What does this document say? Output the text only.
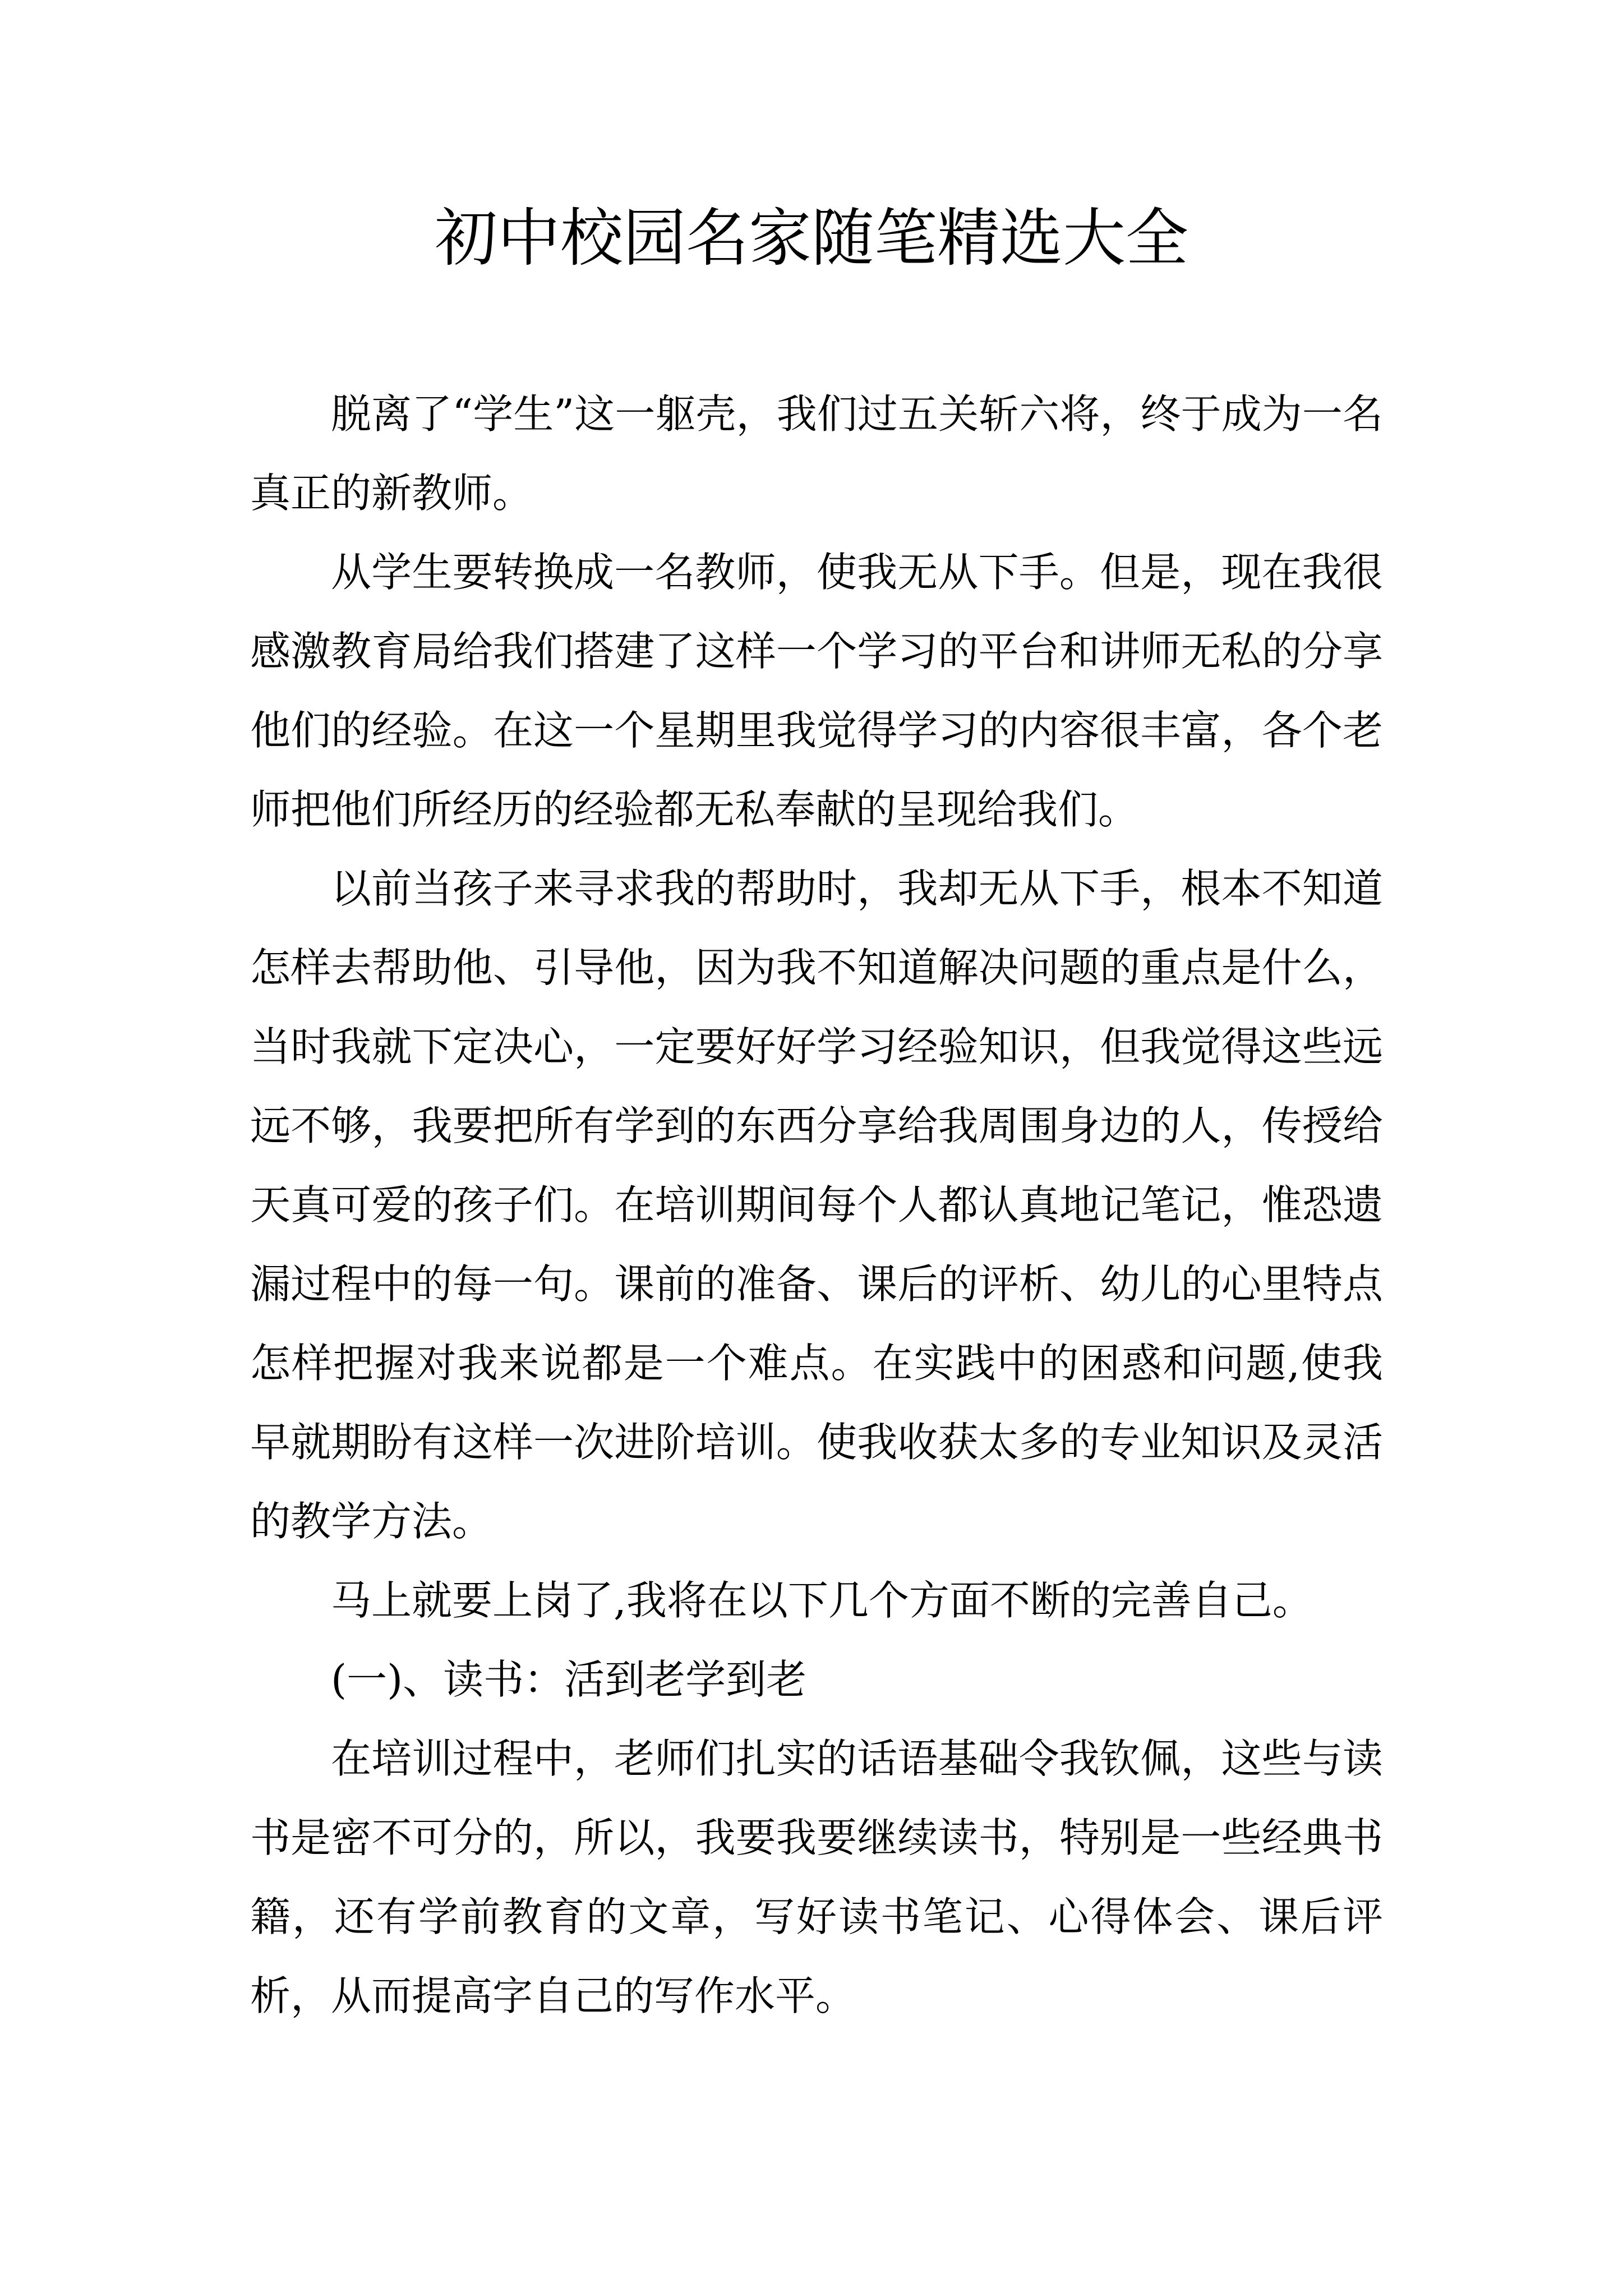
初中校园名家随笔精选大全

脱离了“学生”这一躯壳，我们过五关斩六将，终于成为一名真正的新教师。

从学生要转换成一名教师，使我无从下手。但是，现在我很感激教育局给我们搭建了这样一个学习的平台和讲师无私的分享他们的经验。在这一个星期里我觉得学习的内容很丰富，各个老师把他们所经历的经验都无私奉献的呈现给我们。

以前当孩子来寻求我的帮助时，我却无从下手，根本不知道怎样去帮助他、引导他，因为我不知道解决问题的重点是什么，当时我就下定决心，一定要好好学习经验知识，但我觉得这些远远不够，我要把所有学到的东西分享给我周围身边的人，传授给天真可爱的孩子们。在培训期间每个人都认真地记笔记，惟恐遗漏过程中的每一句。课前的准备、课后的评析、幼儿的心里特点怎样把握对我来说都是一个难点。在实践中的困惑和问题,使我早就期盼有这样一次进阶培训。使我收获太多的专业知识及灵活的教学方法。

马上就要上岗了,我将在以下几个方面不断的完善自己。

(一)、读书：活到老学到老

在培训过程中，老师们扎实的话语基础令我钦佩，这些与读书是密不可分的，所以，我要我要继续读书，特别是一些经典书籍，还有学前教育的文章，写好读书笔记、心得体会、课后评析，从而提高字自己的写作水平。
